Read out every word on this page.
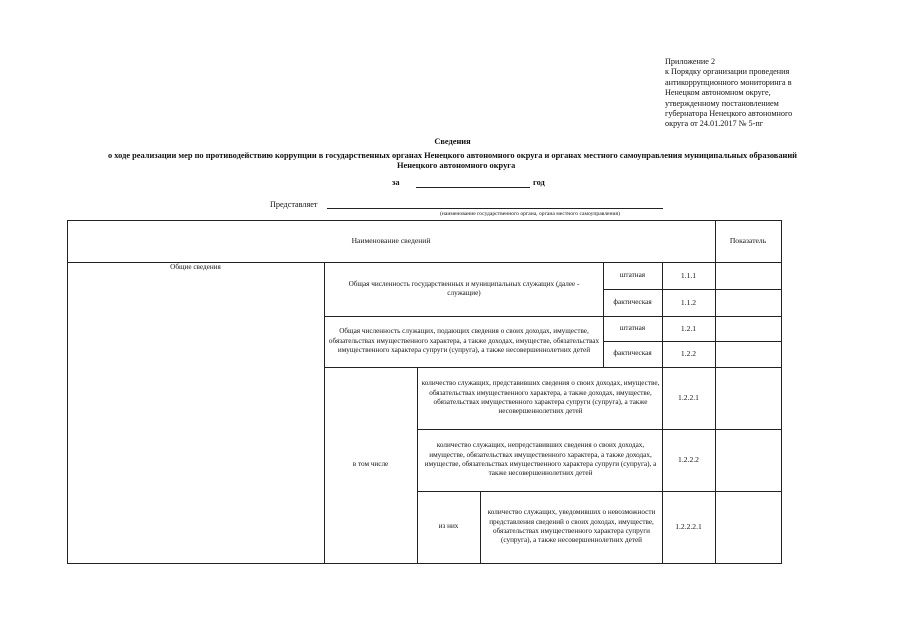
Приложение 2
к Порядку организации проведения
антикоррупционного мониторинга в
Ненецком автономном округе,
утвержденному постановлением
губернатора Ненецкого автономного
округа от 24.01.2017 № 5-пг
Сведения
о ходе реализации мер по противодействию коррупции в государственных органах Ненецкого автономного округа и органах местного самоуправления муниципальных образований
Ненецкого автономного округа
за	год
Представляет
(наименование государственного органа, органа местного самоуправления)
Наименование сведений	Показатель
Общие сведения
Общая численность государственных и муниципальных служащих (далее - служащие)
штатная
фактическая
1.1.1
1.1.2
Общая численность служащих, подающих сведения о своих доходах, имуществе, обязательствах имущественного характера, а также доходах, имуществе, обязательствах имущественного характера супруги (супруга), а также несовершеннолетних детей
штатная
фактическая
1.2.1
1.2.2
в том числе
количество служащих, представивших сведения о своих доходах, имуществе, обязательствах имущественного характера, а также доходах, имуществе, обязательствах имущественного характера супруги (супруга), а также несовершеннолетних детей
1.2.2.1
количество служащих, непредставивших сведения о своих доходах, имуществе, обязательствах имущественного характера, а также доходах, имуществе, обязательствах имущественного характера супруги (супруга), а также несовершеннолетних детей
1.2.2.2
из них
количество служащих, уведомивших о невозможности представления сведений о своих доходах, имуществе, обязательствах имущественного характера супруги (супруга), а также несовершеннолетних детей
1.2.2.2.1
